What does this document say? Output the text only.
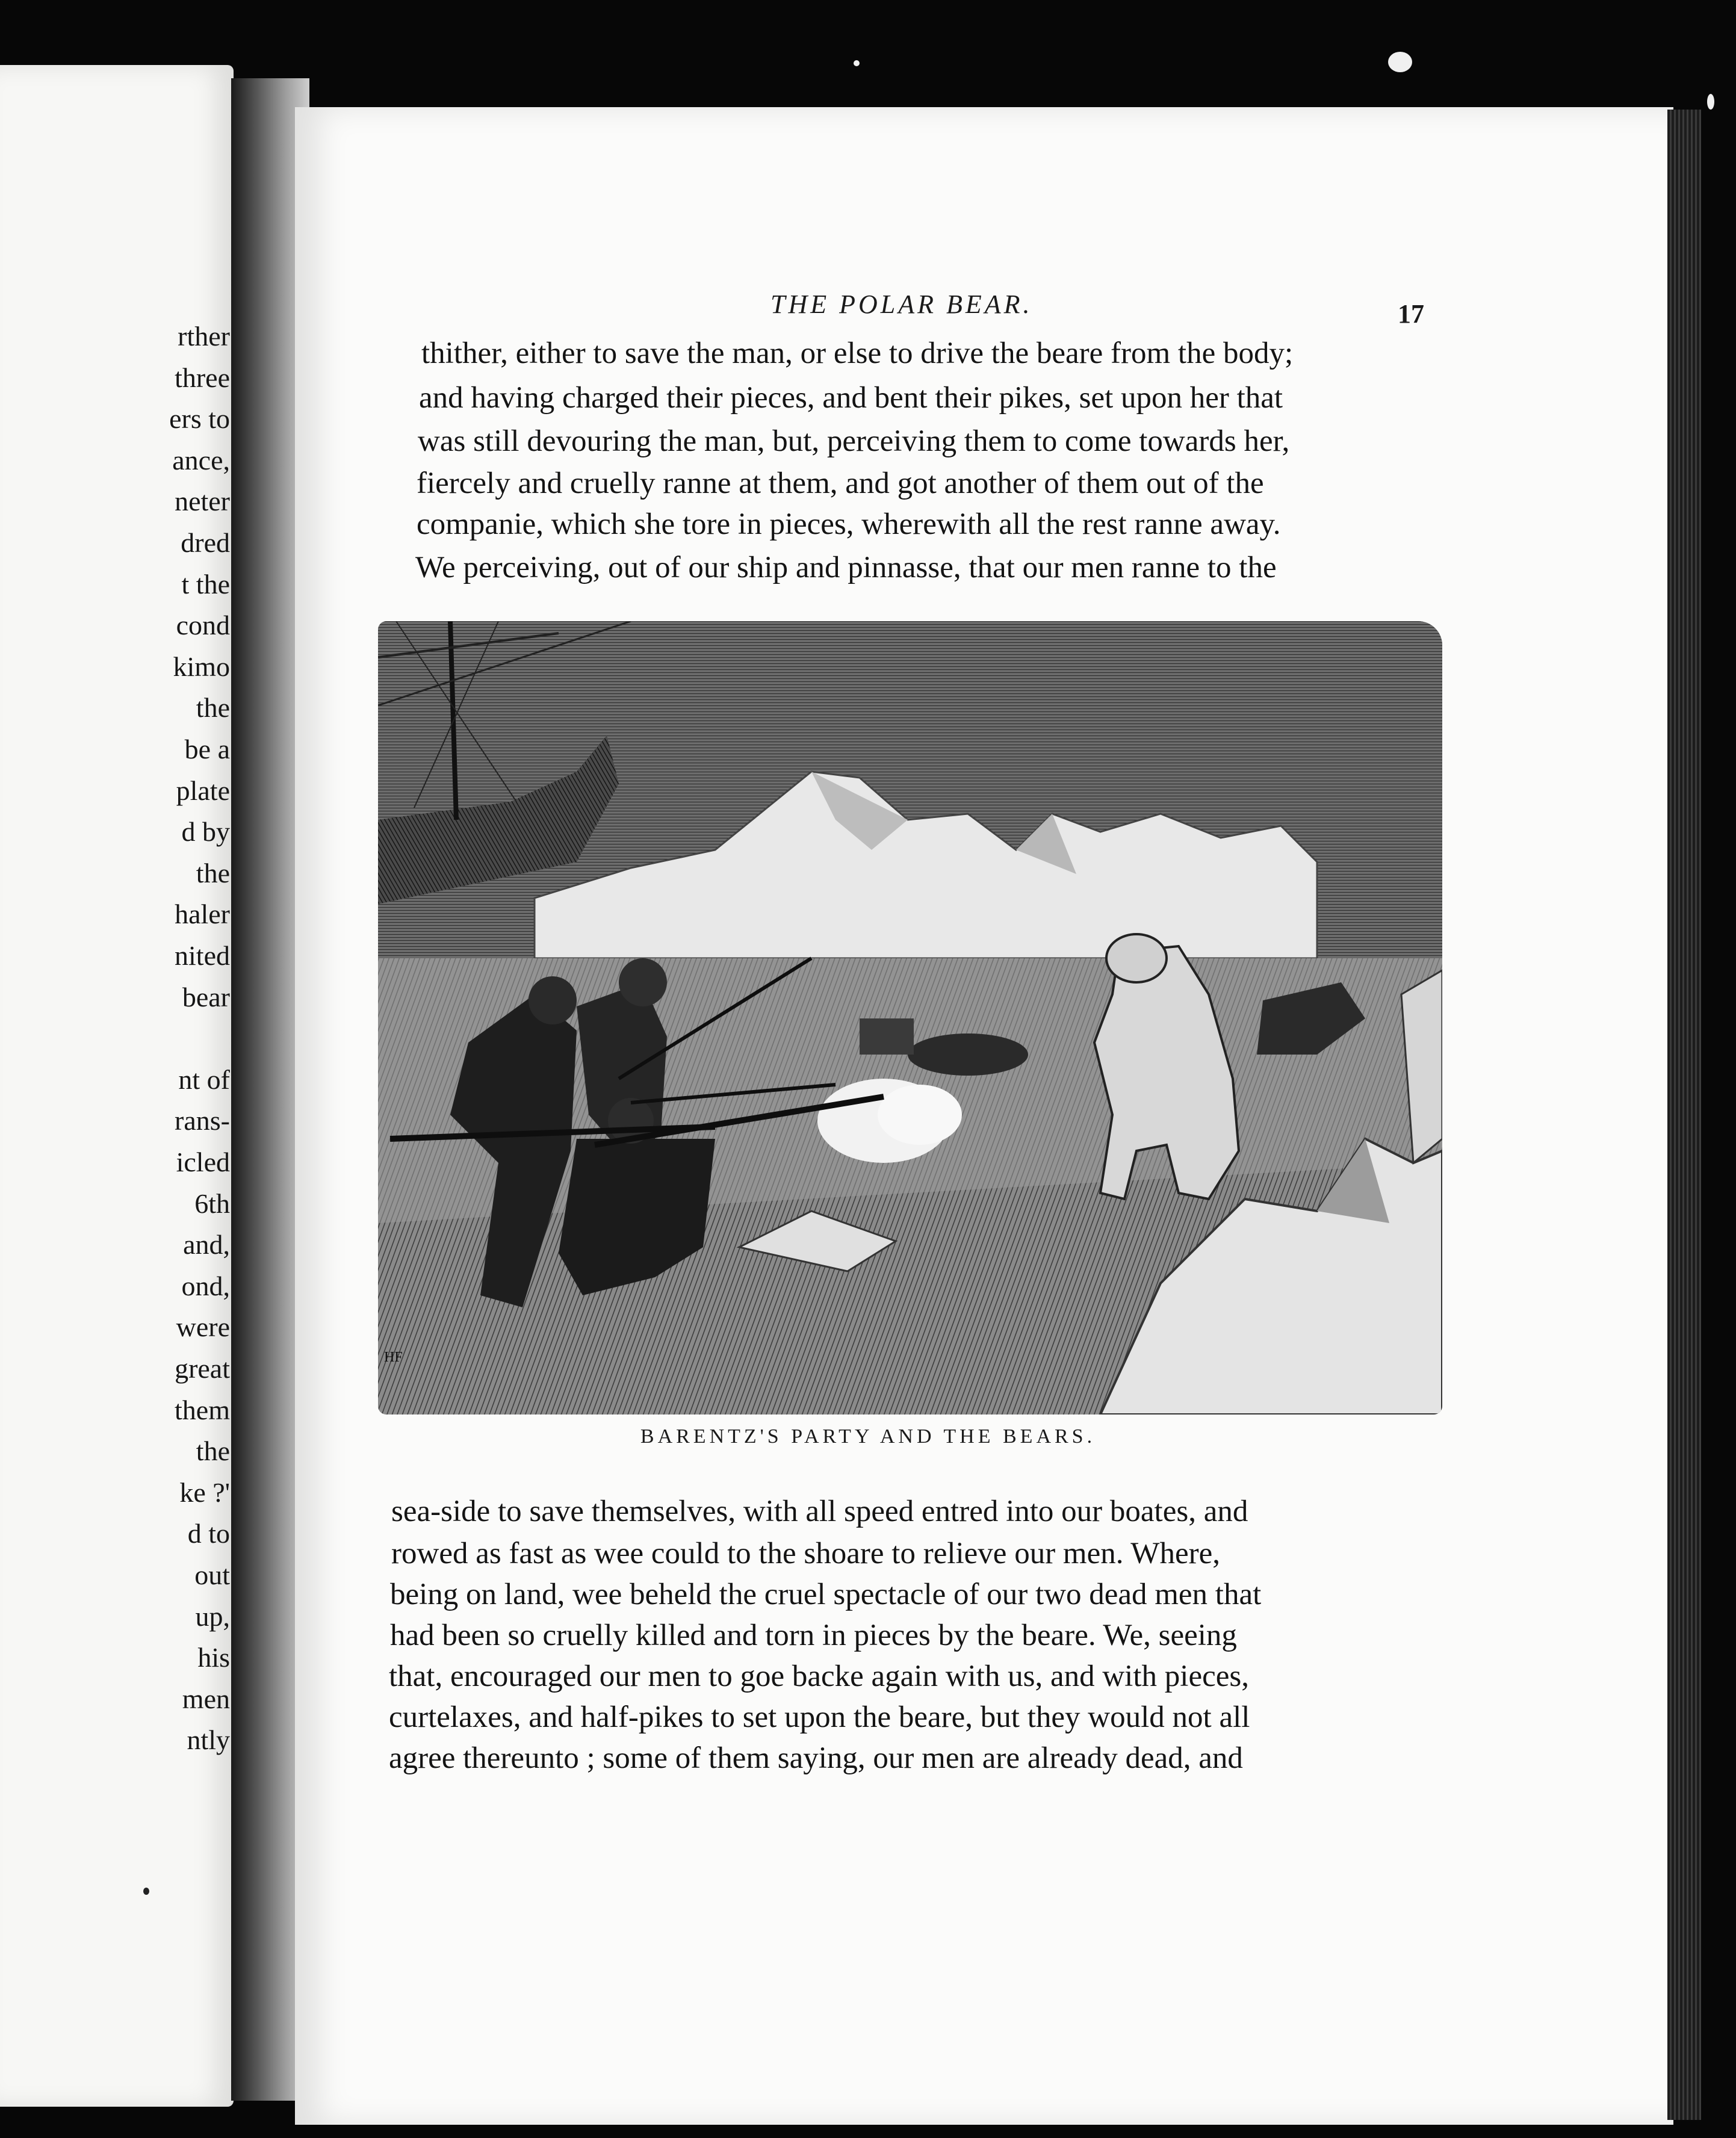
rther
three
ers to
ance,
neter
dred
t the
cond
kimo
the
be a
plate
d by
the
haler
nited
bear
nt of
rans-
icled
6th
and,
ond,
were
great
them
the
ke ?'
d to
out
up,
his
men
ntly
THE POLAR BEAR.	17
thither, either to save the man, or else to drive the beare from the body;
and having charged their pieces, and bent their pikes, set upon her that
was still devouring the man, but, perceiving them to come towards her,
fiercely and cruelly ranne at them, and got another of them out of the
companie, which she tore in pieces, wherewith all the rest ranne away.
We perceiving, out of our ship and pinnasse, that our men ranne to the
HF
BARENTZ'S PARTY AND THE BEARS.
sea-side to save themselves, with all speed entred into our boates, and
rowed as fast as wee could to the shoare to relieve our men. Where,
being on land, wee beheld the cruel spectacle of our two dead men that
had been so cruelly killed and torn in pieces by the beare. We, seeing
that, encouraged our men to goe backe again with us, and with pieces,
curtelaxes, and half-pikes to set upon the beare, but they would not all
agree thereunto ; some of them saying, our men are already dead, and
